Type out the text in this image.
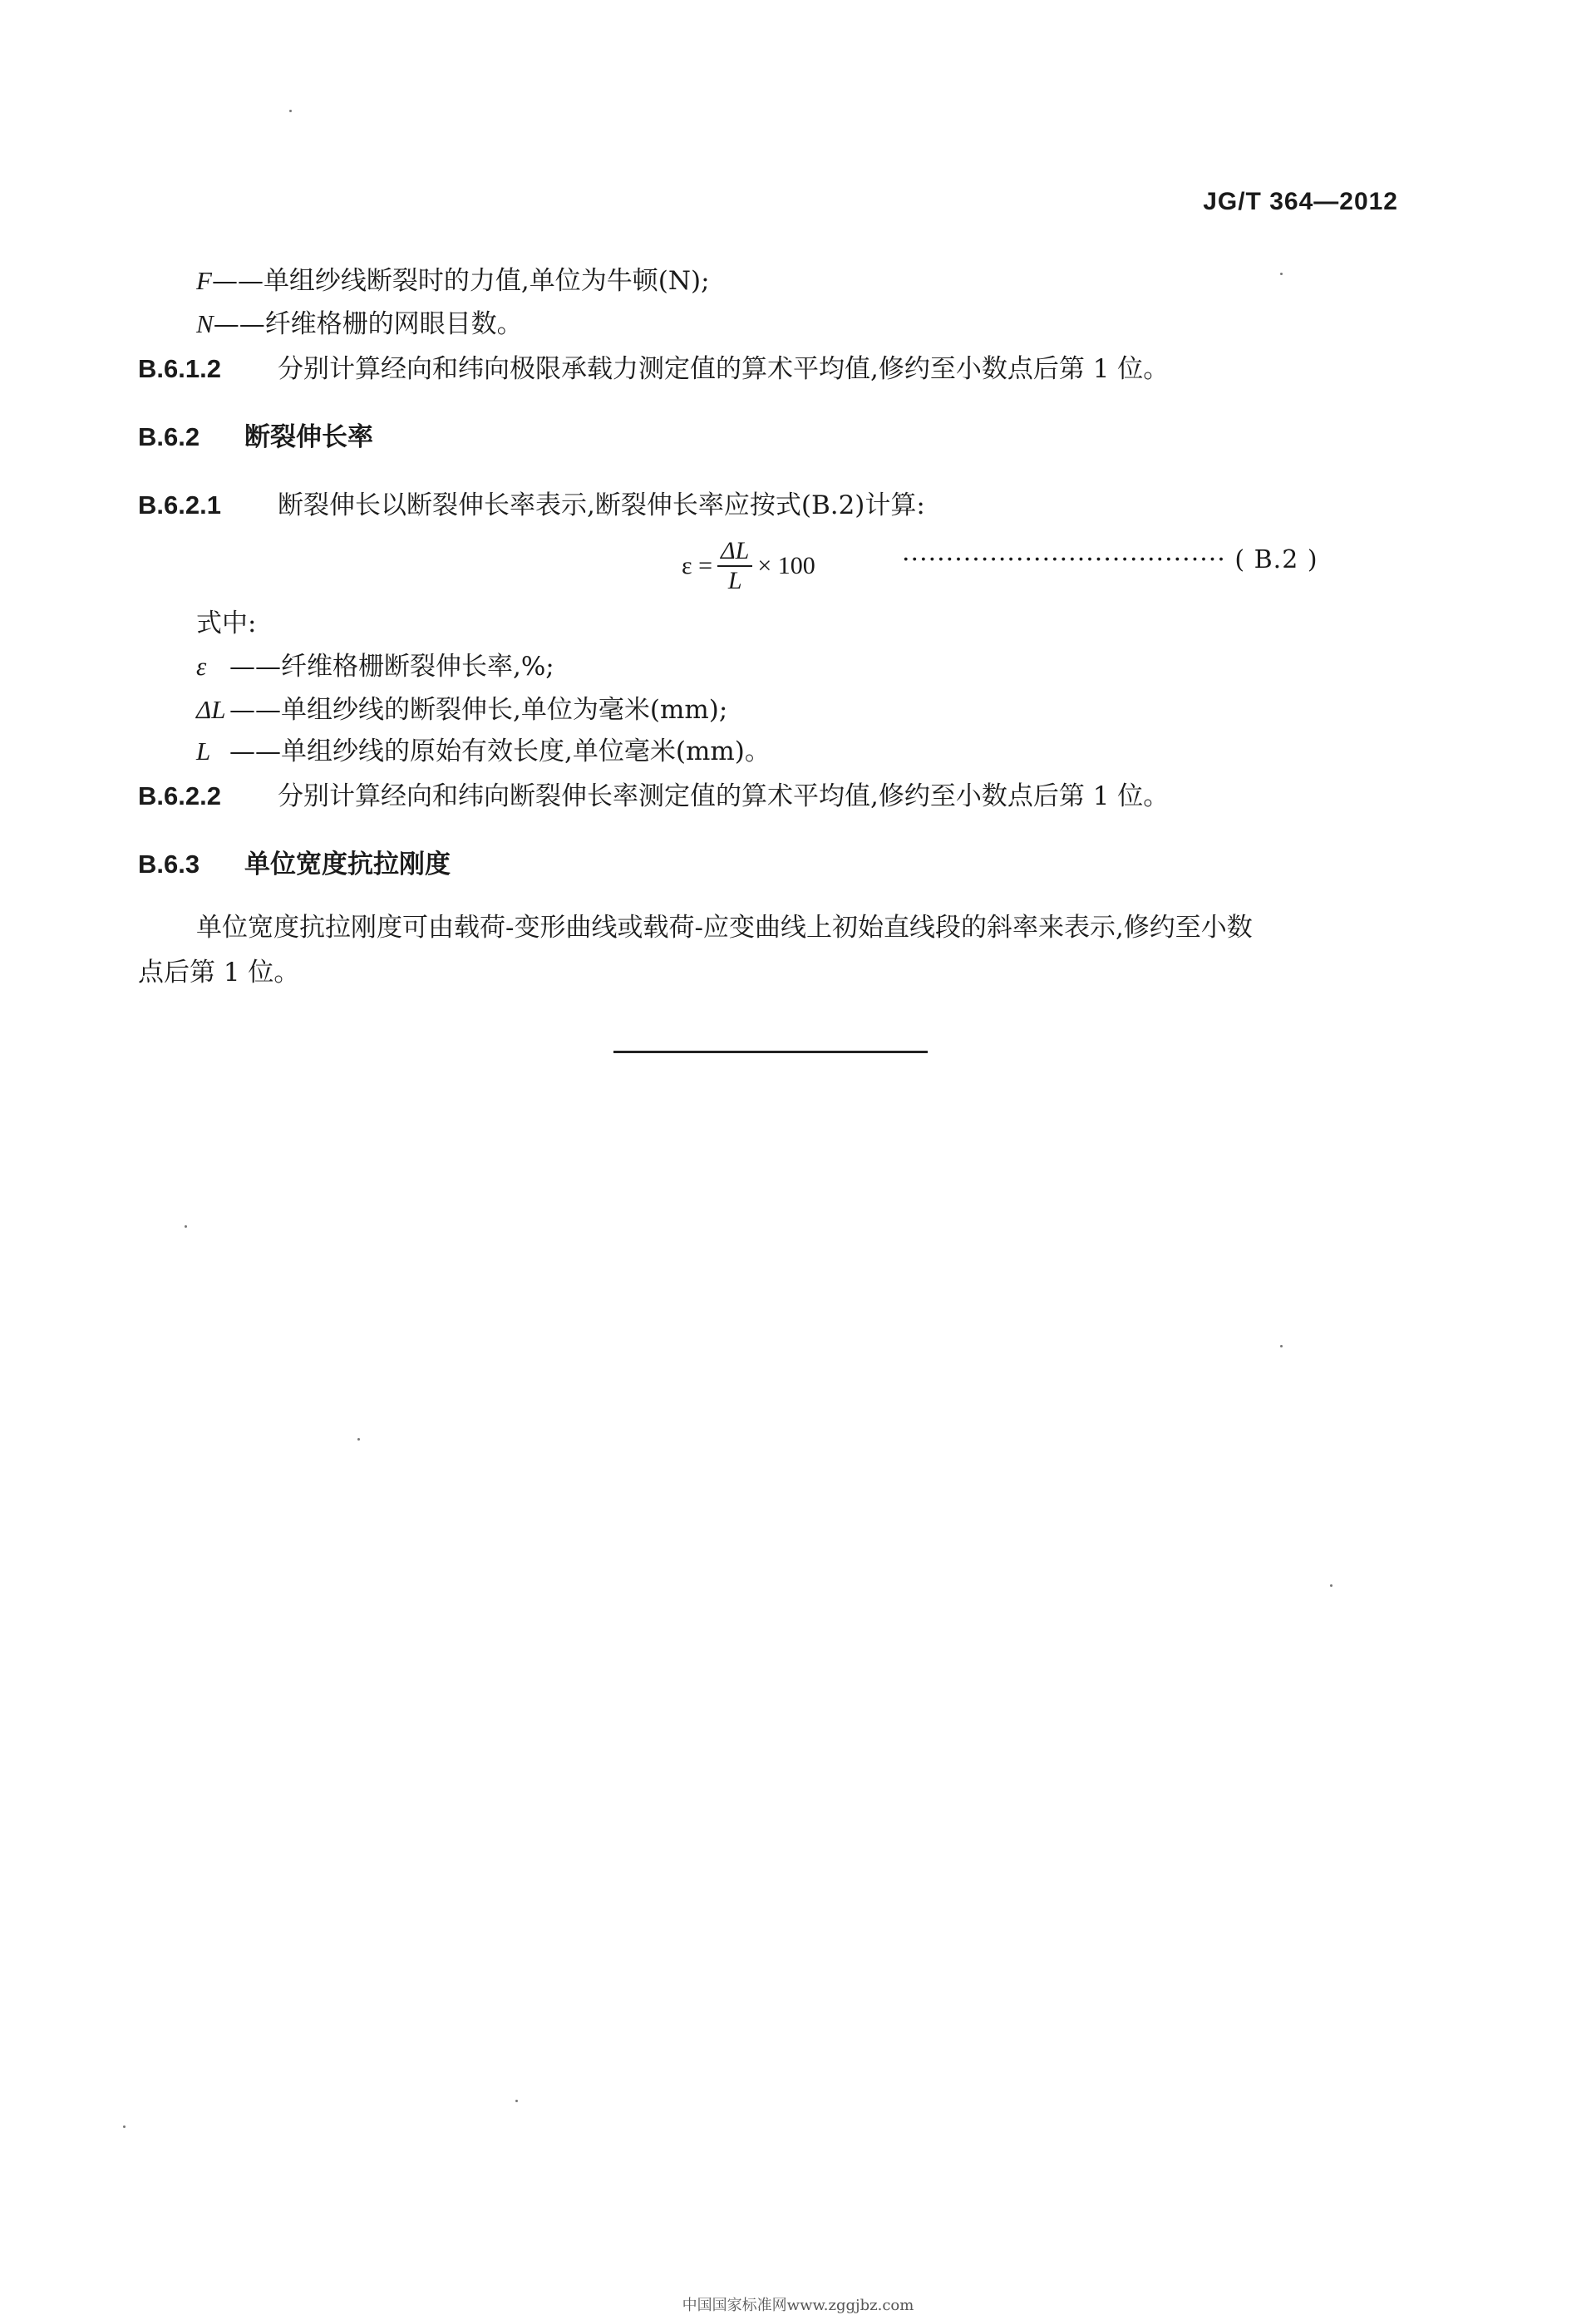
JG/T 364—2012
F——单组纱线断裂时的力值,单位为牛顿(N);
N——纤维格栅的网眼目数。
B.6.1.2 分别计算经向和纬向极限承载力测定值的算术平均值,修约至小数点后第 1 位。
B.6.2 断裂伸长率
B.6.2.1 断裂伸长以断裂伸长率表示,断裂伸长率应按式(B.2)计算:
$\varepsilon = \frac{\Delta L}{L} \times 100$	····································· ( B.2 )
式中:
ε ——纤维格栅断裂伸长率,%;
ΔL ——单组纱线的断裂伸长,单位为毫米(mm);
L ——单组纱线的原始有效长度,单位毫米(mm)。
B.6.2.2 分别计算经向和纬向断裂伸长率测定值的算术平均值,修约至小数点后第 1 位。
B.6.3 单位宽度抗拉刚度
单位宽度抗拉刚度可由载荷-变形曲线或载荷-应变曲线上初始直线段的斜率来表示,修约至小数
点后第 1 位。
中国国家标准网www.zggjbz.com
